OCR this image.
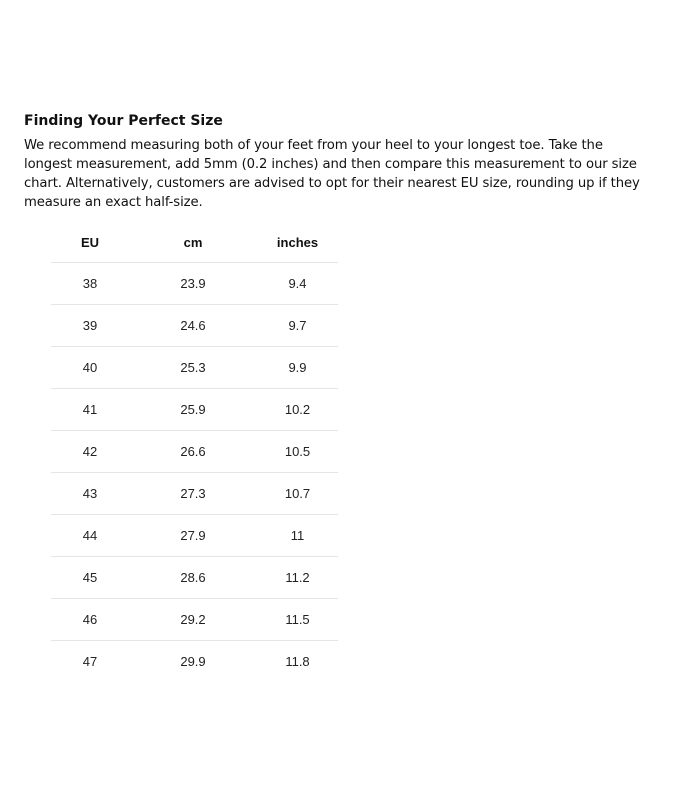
Finding Your Perfect Size

We recommend measuring both of your feet from your heel to your longest toe. Take the longest measurement, add 5mm (0.2 inches) and then compare this measurement to our size chart. Alternatively, customers are advised to opt for their nearest EU size, rounding up if they measure an exact half-size.

EU	cm	inches
38	23.9	9.4
39	24.6	9.7
40	25.3	9.9
41	25.9	10.2
42	26.6	10.5
43	27.3	10.7
44	27.9	11
45	28.6	11.2
46	29.2	11.5
47	29.9	11.8
